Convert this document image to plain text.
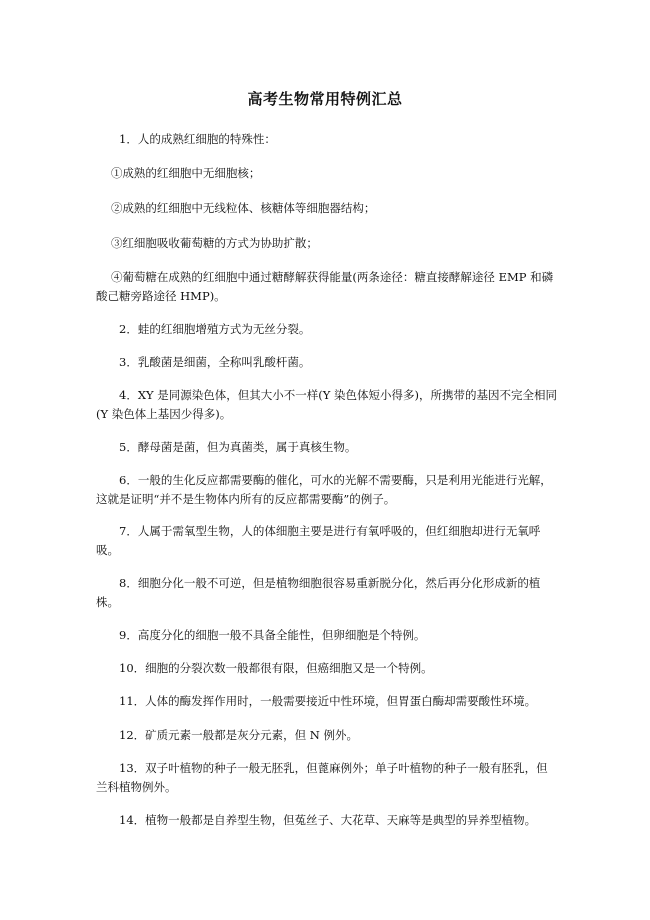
高考生物常用特例汇总

1．人的成熟红细胞的特殊性：

①成熟的红细胞中无细胞核；

②成熟的红细胞中无线粒体、核糖体等细胞器结构；

③红细胞吸收葡萄糖的方式为协助扩散；

④葡萄糖在成熟的红细胞中通过糖酵解获得能量(两条途径：糖直接酵解途径 EMP 和磷酸己糖旁路途径 HMP)。

2．蛙的红细胞增殖方式为无丝分裂。

3．乳酸菌是细菌，全称叫乳酸杆菌。

4．XY 是同源染色体，但其大小不一样(Y 染色体短小得多)，所携带的基因不完全相同(Y 染色体上基因少得多)。

5．酵母菌是菌，但为真菌类，属于真核生物。

6．一般的生化反应都需要酶的催化，可水的光解不需要酶，只是利用光能进行光解，这就是证明“并不是生物体内所有的反应都需要酶”的例子。

7．人属于需氧型生物，人的体细胞主要是进行有氧呼吸的，但红细胞却进行无氧呼吸。

8．细胞分化一般不可逆，但是植物细胞很容易重新脱分化，然后再分化形成新的植株。

9．高度分化的细胞一般不具备全能性，但卵细胞是个特例。

10．细胞的分裂次数一般都很有限，但癌细胞又是一个特例。

11．人体的酶发挥作用时，一般需要接近中性环境，但胃蛋白酶却需要酸性环境。

12．矿质元素一般都是灰分元素，但 N 例外。

13．双子叶植物的种子一般无胚乳，但蓖麻例外；单子叶植物的种子一般有胚乳，但兰科植物例外。

14．植物一般都是自养型生物，但菟丝子、大花草、天麻等是典型的异养型植物。
